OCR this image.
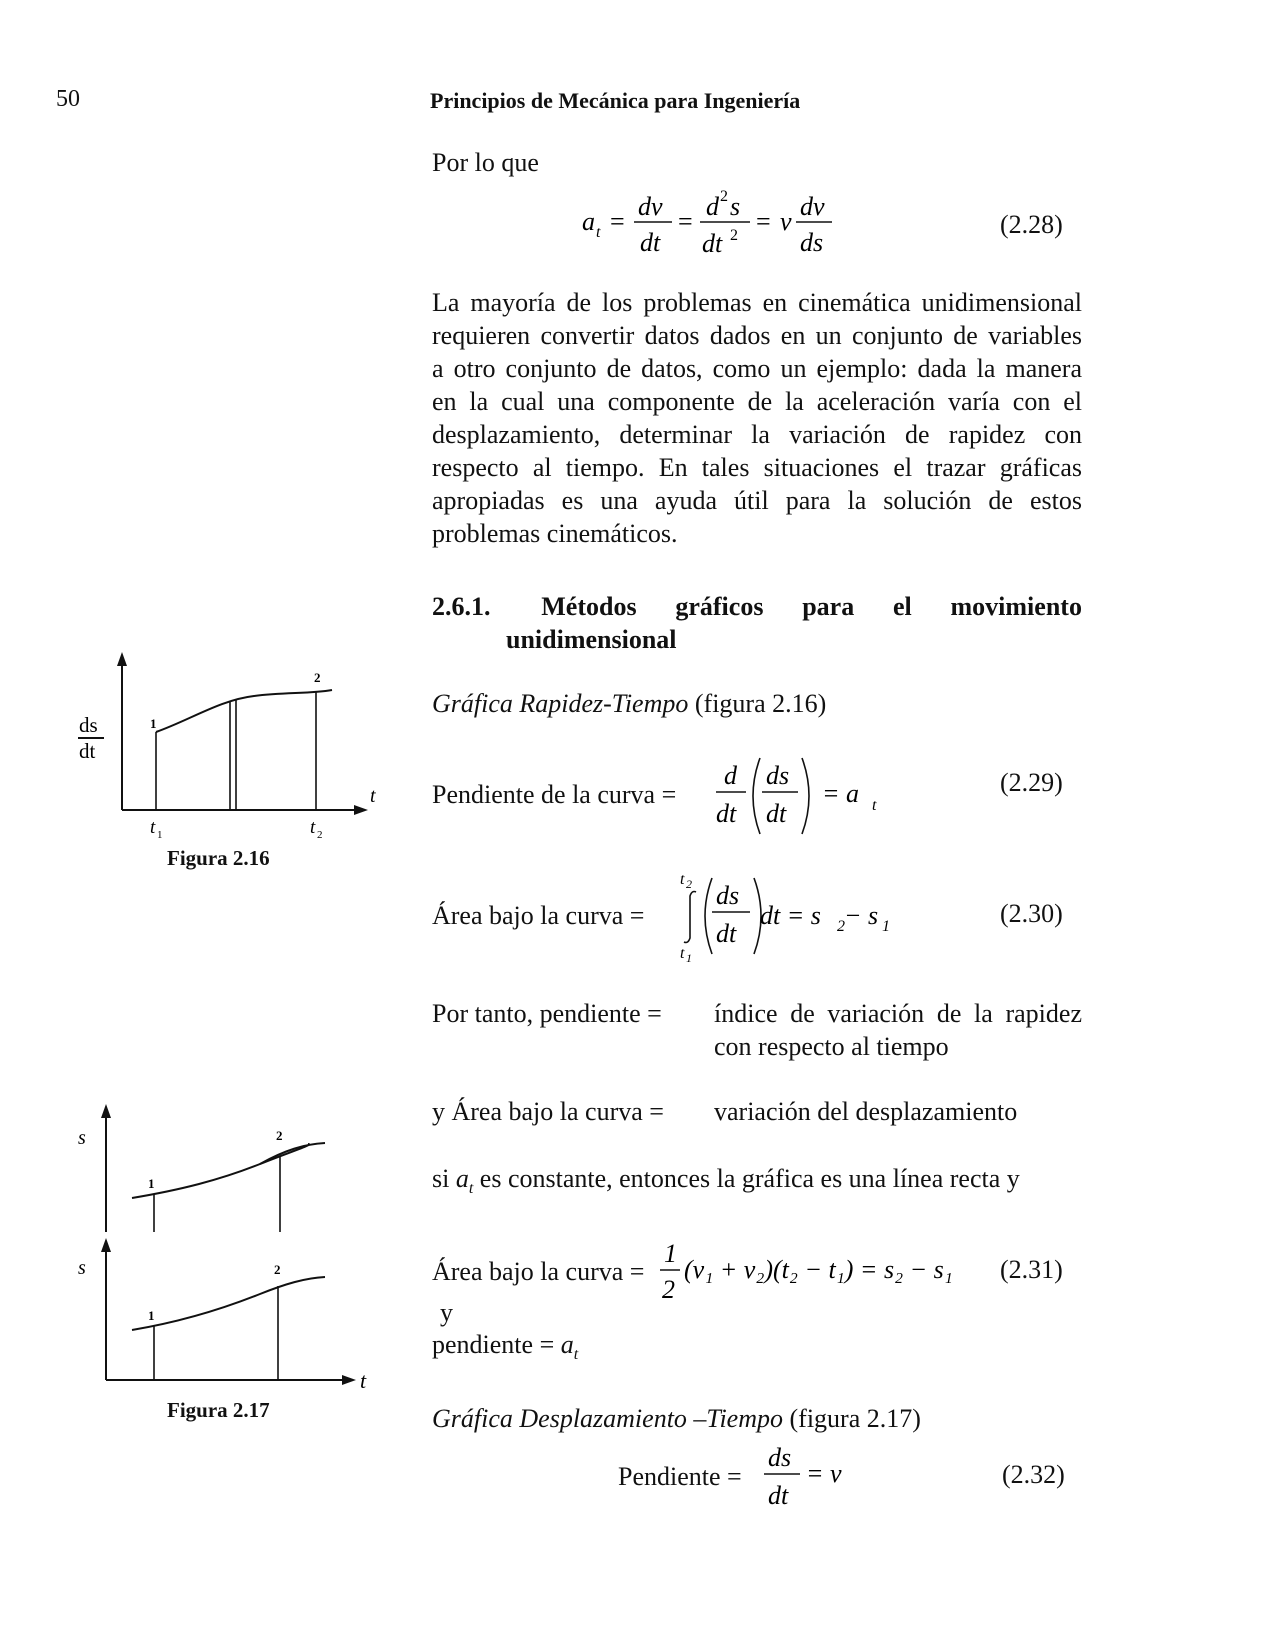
50	Principios de Mecánica para Ingeniería
Por lo que
a t =
dv
dt
=
d 2 s
dt 2 = v
dv
ds
(2.28)
La mayoría de los problemas en cinemática unidimensional
requieren convertir datos dados en un conjunto de variables
a otro conjunto de datos, como un ejemplo: dada la manera
en la cual una componente de la aceleración varía con el
desplazamiento, determinar la variación de rapidez con
respecto al tiempo. En tales situaciones el trazar gráficas
apropiadas es una ayuda útil para la solución de estos
problemas cinemáticos.
2.6.1. Métodos gráficos para el movimiento
unidimensional
Gráfica Rapidez-Tiempo (figura 2.16)
Pendiente de la curva =
d
dt
ds
dt
= a t
(2.29)
Área bajo la curva =
t 2
t 1
ds
dt
dt = s 2 − s 1	(2.30)
Por tanto, pendiente = índice de variación de la rapidez
con respecto al tiempo
y Área bajo la curva = variación del desplazamiento
si $a_t$ es constante, entonces la gráfica es una línea recta y
Área bajo la curva =
1
2
(v₁ + v₂)(t₂ − t₁) = s₂ − s₁ (2.31)
y
pendiente = $a_t$
Gráfica Desplazamiento –Tiempo (figura 2.17)
Pendiente =
ds
dt
= v	(2.32)
1
2
ds
dt
t
t 1	t 2
Figura 2.16
1
2
s
1
2
s
t
Figura 2.17
